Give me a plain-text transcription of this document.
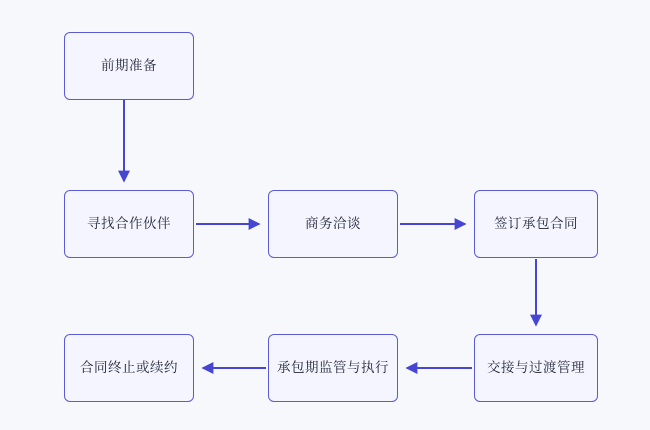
前期准备
寻找合作伙伴	商务洽谈	签订承包合同
交接与过渡管理
承包期监管与执行
合同终止或续约
